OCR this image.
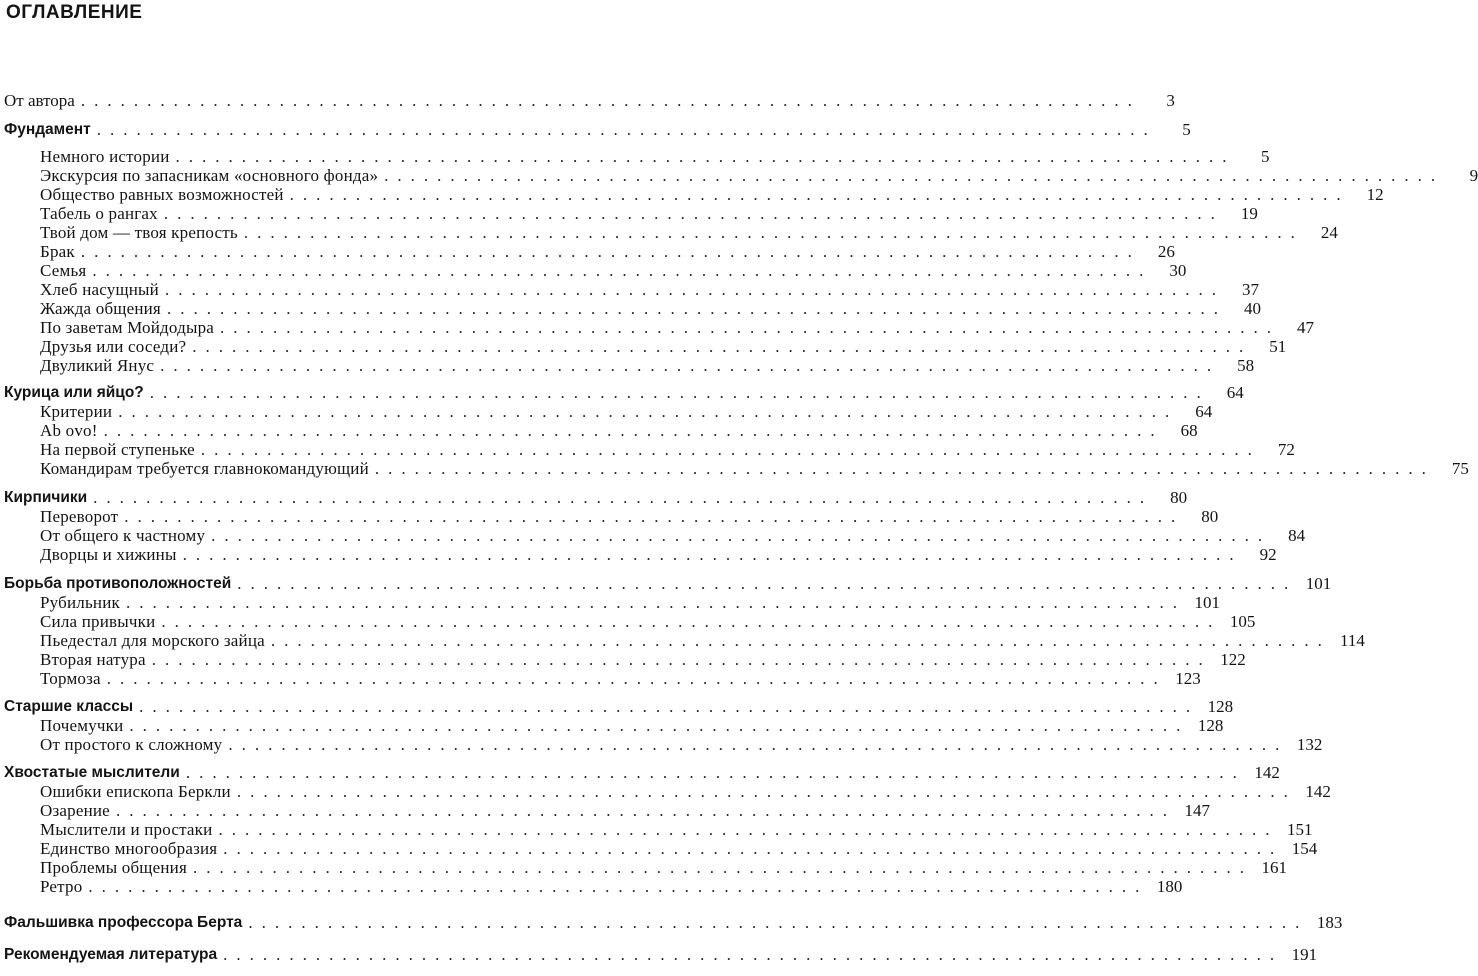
ОГЛАВЛЕНИЕ
От автора ................................................................................	3
Фундамент ................................................................................	5
Немного истории ................................................................................	5
Экскурсия по запасникам «основного фонда» ................................................................................	9
Общество равных возможностей ................................................................................	12
Табель о рангах ................................................................................	19
Твой дом — твоя крепость ................................................................................	24
Брак ................................................................................	26
Семья ................................................................................	30
Хлеб насущный ................................................................................	37
Жажда общения ................................................................................	40
По заветам Мойдодыра ................................................................................	47
Друзья или соседи? ................................................................................	51
Двуликий Янус ................................................................................	58
Курица или яйцо? ................................................................................	64
Критерии ................................................................................	64
Ab ovo! ................................................................................	68
На первой ступеньке ................................................................................	72
Командирам требуется главнокомандующий ................................................................................	75
Кирпичики ................................................................................	80
Переворот ................................................................................	80
От общего к частному ................................................................................	84
Дворцы и хижины ................................................................................	92
Борьба противоположностей ................................................................................ 101
Рубильник ................................................................................ 101
Сила привычки ................................................................................ 105
Пьедестал для морского зайца ................................................................................ 114
Вторая натура ................................................................................ 122
Тормоза ................................................................................ 123
Старшие классы ................................................................................ 128
Почемучки ................................................................................ 128
От простого к сложному ................................................................................ 132
Хвостатые мыслители ................................................................................ 142
Ошибки епископа Беркли ................................................................................ 142
Озарение ................................................................................ 147
Мыслители и простаки ................................................................................ 151
Единство многообразия ................................................................................ 154
Проблемы общения ................................................................................ 161
Ретро ................................................................................ 180
Фальшивка профессора Берта ................................................................................ 183
Рекомендуемая литература ................................................................................ 191
